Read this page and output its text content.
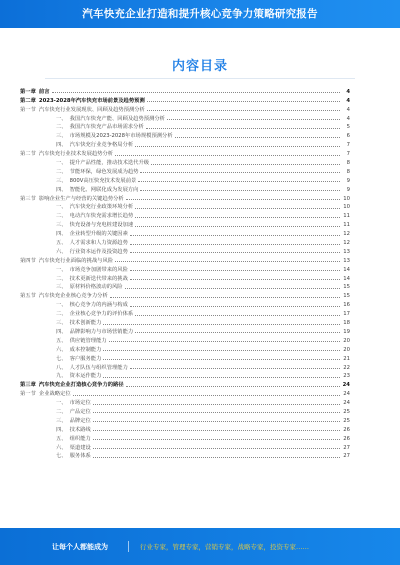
汽车快充企业打造和提升核心竞争力策略研究报告
内容目录
第一章 前言	4
第二章 2023-2028年汽车快充市场前景及趋势预测	4
第一节 汽车快充行业发展现状、回顾及趋势预测分析	4
一、 我国汽车快充产能、回顾及趋势预测分析	4
二、 我国汽车快充产品市场需求分析	5
三、 市场规模及2023-2028年市场规模预测分析	6
四、 汽车快充行业竞争格局分析	7
第二节 汽车快充行业技术发展趋势分析	7
一、 提升产品性能，推动技术迭代升级	8
二、 节能环保，绿色发展成为趋势	8
三、 800V高压快充技术发展前景	9
四、 智能化、网联化成为发展方向	9
第三节 影响企业生产与经营的关键趋势分析	10
一、 汽车快充行业政策环境分析	10
二、 电动汽车快充需求增长趋势	11
三、 快充设备与充电桩建设加速	11
四、 企业转型升级的关键因素	12
五、 人才需求和人力资源趋势	12
六、 行业资本运作及投资趋势	13
第四节 汽车快充行业面临的挑战与风险	13
一、 市场竞争加剧带来的风险	14
二、 技术更新迭代带来的挑战	14
三、 原材料价格波动的风险	15
第五节 汽车快充企业核心竞争力分析	15
一、 核心竞争力的内涵与构成	16
二、 企业核心竞争力的评价体系	17
三、 技术创新能力	18
四、 品牌影响力与市场营销能力	19
五、 供应链管理能力	20
六、 成本控制能力	20
七、 客户服务能力	21
八、 人才队伍与组织管理能力	22
九、 资本运作能力	23
第三章 汽车快充企业打造核心竞争力的路径	24
第一节 企业战略定位	24
一、 市场定位	24
二、 产品定位	25
三、 品牌定位	25
四、 技术路线	26
五、 组织能力	26
六、 渠道建设	27
七、 服务体系	27
让每个人都能成为	行业专家，管理专家，营销专家，战略专家，投资专家……
